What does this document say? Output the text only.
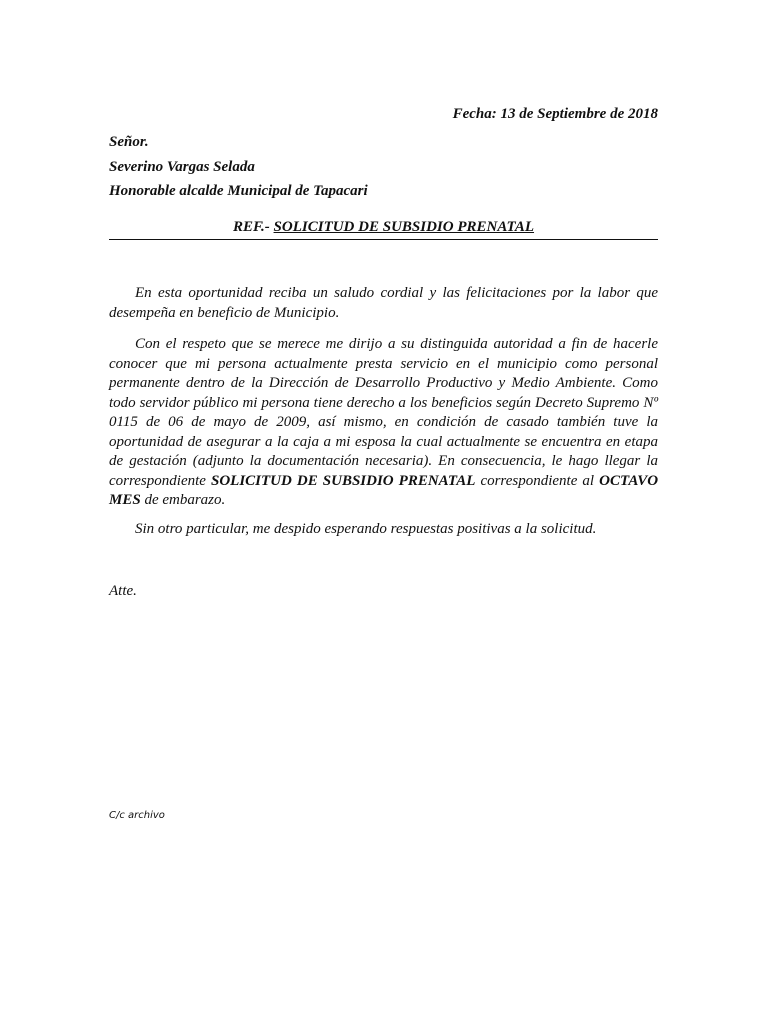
Fecha: 13 de Septiembre de 2018
Señor.
Severino Vargas Selada
Honorable alcalde Municipal de Tapacari
REF.- SOLICITUD DE SUBSIDIO PRENATAL
En esta oportunidad reciba un saludo cordial y las felicitaciones por la labor que desempeña en beneficio de Municipio.
Con el respeto que se merece me dirijo a su distinguida autoridad a fin de hacerle conocer que mi persona actualmente presta servicio en el municipio como personal permanente dentro de la Dirección de Desarrollo Productivo y Medio Ambiente. Como todo servidor público mi persona tiene derecho a los beneficios según Decreto Supremo Nº 0115 de 06 de mayo de 2009, así mismo, en condición de casado también tuve la oportunidad de asegurar a la caja a mi esposa la cual actualmente se encuentra en etapa de gestación (adjunto la documentación necesaria). En consecuencia, le hago llegar la correspondiente SOLICITUD DE SUBSIDIO PRENATAL correspondiente al OCTAVO MES de embarazo.
Sin otro particular, me despido esperando respuestas positivas a la solicitud.
Atte.
C/c archivo
